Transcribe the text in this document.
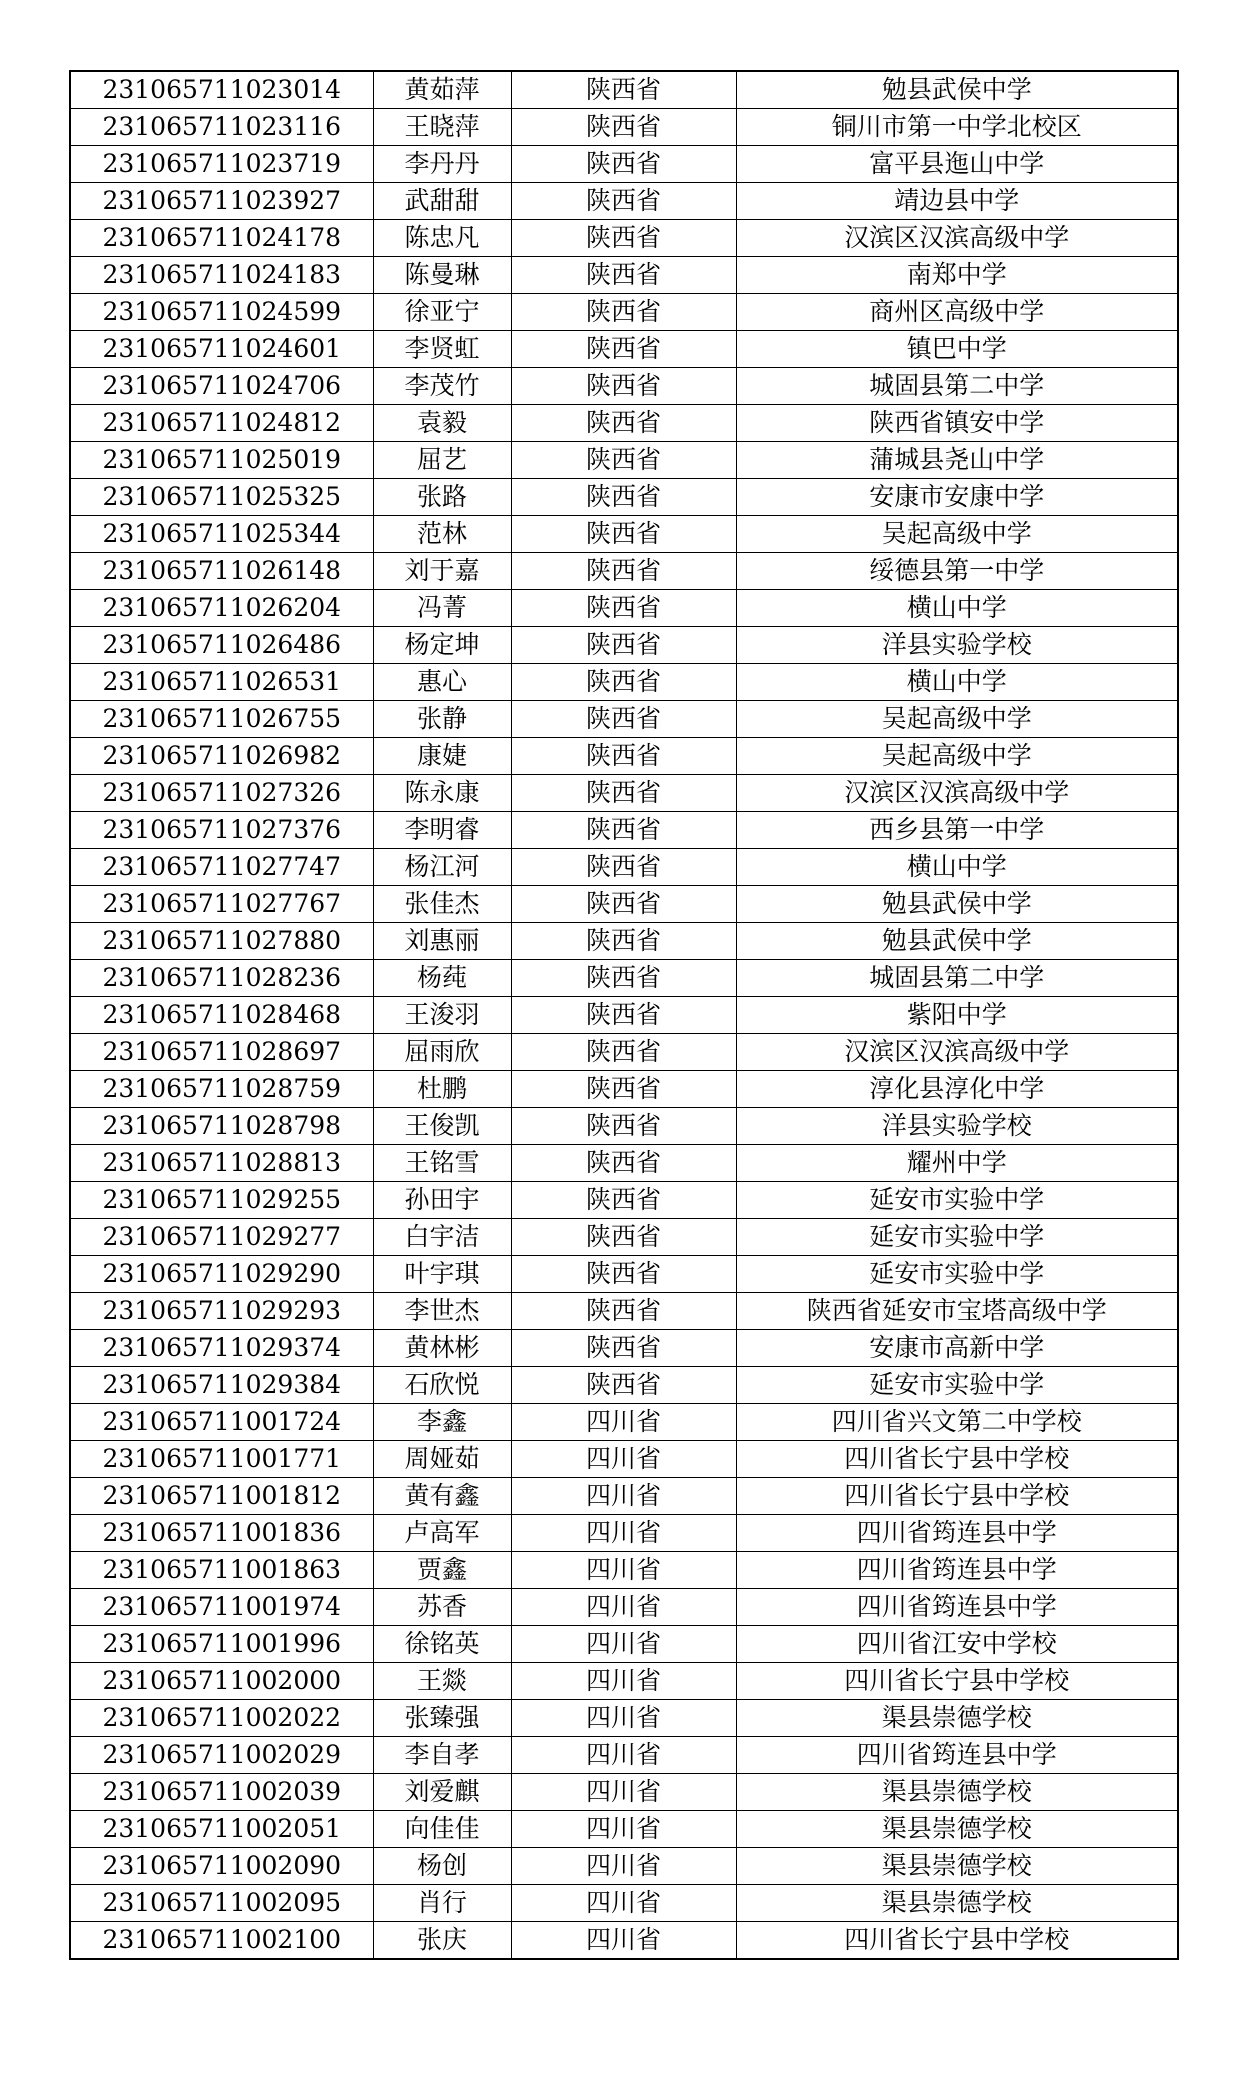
231065711023014	黄茹萍	陕西省	勉县武侯中学
231065711023116	王晓萍	陕西省	铜川市第一中学北校区
231065711023719	李丹丹	陕西省	富平县迤山中学
231065711023927	武甜甜	陕西省	靖边县中学
231065711024178	陈忠凡	陕西省	汉滨区汉滨高级中学
231065711024183	陈曼琳	陕西省	南郑中学
231065711024599	徐亚宁	陕西省	商州区高级中学
231065711024601	李贤虹	陕西省	镇巴中学
231065711024706	李茂竹	陕西省	城固县第二中学
231065711024812	袁毅	陕西省	陕西省镇安中学
231065711025019	屈艺	陕西省	蒲城县尧山中学
231065711025325	张路	陕西省	安康市安康中学
231065711025344	范林	陕西省	吴起高级中学
231065711026148	刘于嘉	陕西省	绥德县第一中学
231065711026204	冯菁	陕西省	横山中学
231065711026486	杨定坤	陕西省	洋县实验学校
231065711026531	惠心	陕西省	横山中学
231065711026755	张静	陕西省	吴起高级中学
231065711026982	康婕	陕西省	吴起高级中学
231065711027326	陈永康	陕西省	汉滨区汉滨高级中学
231065711027376	李明睿	陕西省	西乡县第一中学
231065711027747	杨江河	陕西省	横山中学
231065711027767	张佳杰	陕西省	勉县武侯中学
231065711027880	刘惠丽	陕西省	勉县武侯中学
231065711028236	杨莼	陕西省	城固县第二中学
231065711028468	王浚羽	陕西省	紫阳中学
231065711028697	屈雨欣	陕西省	汉滨区汉滨高级中学
231065711028759	杜鹏	陕西省	淳化县淳化中学
231065711028798	王俊凯	陕西省	洋县实验学校
231065711028813	王铭雪	陕西省	耀州中学
231065711029255	孙田宇	陕西省	延安市实验中学
231065711029277	白宇洁	陕西省	延安市实验中学
231065711029290	叶宇琪	陕西省	延安市实验中学
231065711029293	李世杰	陕西省	陕西省延安市宝塔高级中学
231065711029374	黄林彬	陕西省	安康市高新中学
231065711029384	石欣悦	陕西省	延安市实验中学
231065711001724	李鑫	四川省	四川省兴文第二中学校
231065711001771	周娅茹	四川省	四川省长宁县中学校
231065711001812	黄有鑫	四川省	四川省长宁县中学校
231065711001836	卢高军	四川省	四川省筠连县中学
231065711001863	贾鑫	四川省	四川省筠连县中学
231065711001974	苏香	四川省	四川省筠连县中学
231065711001996	徐铭英	四川省	四川省江安中学校
231065711002000	王燚	四川省	四川省长宁县中学校
231065711002022	张臻强	四川省	渠县崇德学校
231065711002029	李自孝	四川省	四川省筠连县中学
231065711002039	刘爱麒	四川省	渠县崇德学校
231065711002051	向佳佳	四川省	渠县崇德学校
231065711002090	杨创	四川省	渠县崇德学校
231065711002095	肖行	四川省	渠县崇德学校
231065711002100	张庆	四川省	四川省长宁县中学校
